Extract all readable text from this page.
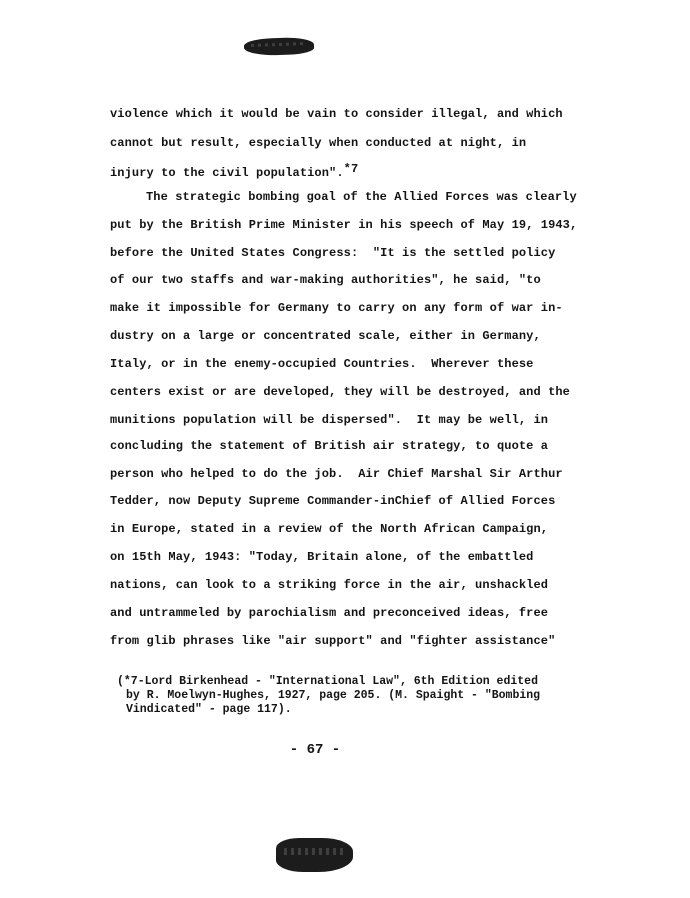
violence which it would be vain to consider illegal, and which
cannot but result, especially when conducted at night, in
injury to the civil population".$^{*7}$
The strategic bombing goal of the Allied Forces was clearly
put by the British Prime Minister in his speech of May 19, 1943,
before the United States Congress:  "It is the settled policy
of our two staffs and war-making authorities", he said, "to
make it impossible for Germany to carry on any form of war in-
dustry on a large or concentrated scale, either in Germany,
Italy, or in the enemy-occupied Countries.  Wherever these
centers exist or are developed, they will be destroyed, and the
munitions population will be dispersed".  It may be well, in
concluding the statement of British air strategy, to quote a
person who helped to do the job.  Air Chief Marshal Sir Arthur
Tedder, now Deputy Supreme Commander-inChief of Allied Forces
in Europe, stated in a review of the North African Campaign,
on 15th May, 1943: "Today, Britain alone, of the embattled
nations, can look to a striking force in the air, unshackled
and untrammeled by parochialism and preconceived ideas, free
from glib phrases like "air support" and "fighter assistance"
(*7-Lord Birkenhead - "International Law", 6th Edition edited
by R. Moelwyn-Hughes, 1927, page 205. (M. Spaight - "Bombing
Vindicated" - page 117).
- 67 -
